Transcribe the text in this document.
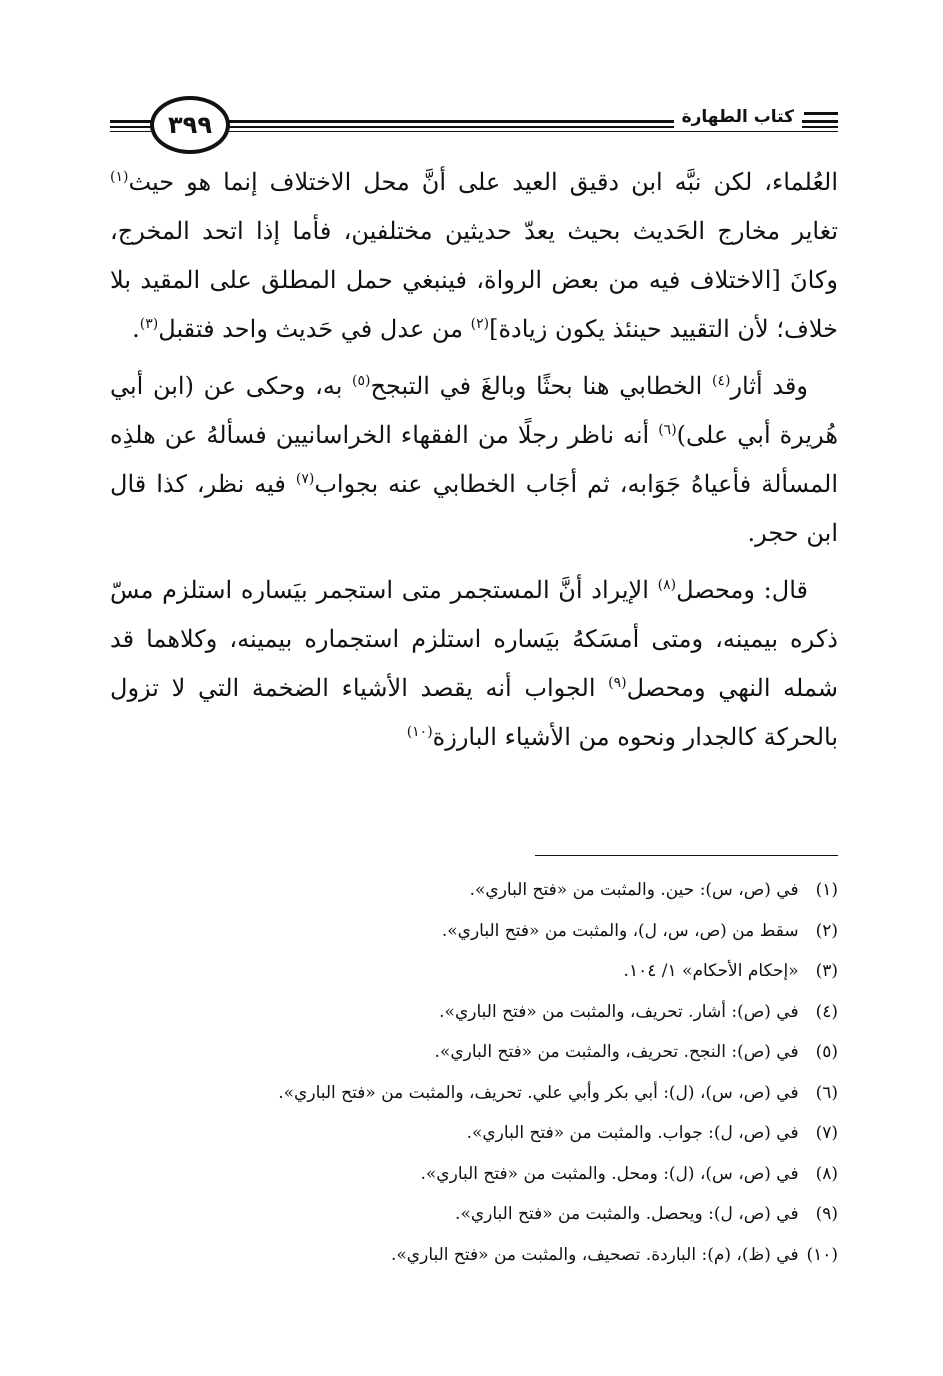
كتاب الطهارة
٣٩٩

العُلماء، لكن نبَّه ابن دقيق العيد على أنَّ محل الاختلاف إنما هو حيث$^{(١)}$ تغاير مخارج الحَديث بحيث يعدّ حديثين مختلفين، فأما إذا اتحد المخرج، وكانَ [الاختلاف فيه من بعض الرواة، فينبغي حمل المطلق على المقيد بلا خلاف؛ لأن التقييد حينئذ يكون زيادة]$^{(٢)}$ من عدل في حَديث واحد فتقبل$^{(٣)}$.

وقد أثار$^{(٤)}$ الخطابي هنا بحثًا وبالغَ في التبجح$^{(٥)}$ به، وحكى عن (ابن أبي هُريرة أبي على)$^{(٦)}$ أنه ناظر رجلًا من الفقهاء الخراسانيين فسألهُ عن هلذِه المسألة فأعياهُ جَوَابه، ثم أجَاب الخطابي عنه بجواب$^{(٧)}$ فيه نظر، كذا قال ابن حجر.

قال: ومحصل$^{(٨)}$ الإيراد أنَّ المستجمر متى استجمر بيَساره استلزم مسّ ذكره بيمينه، ومتى أمسَكهُ بيَساره استلزم استجماره بيمينه، وكلاهما قد شمله النهي ومحصل$^{(٩)}$ الجواب أنه يقصد الأشياء الضخمة التي لا تزول بالحركة كالجدار ونحوه من الأشياء البارزة$^{(١٠)}$

(١) في (ص، س): حين. والمثبت من «فتح الباري».
(٢) سقط من (ص، س، ل)، والمثبت من «فتح الباري».
(٣) «إحكام الأحكام» ١/ ١٠٤.
(٤) في (ص): أشار. تحريف، والمثبت من «فتح الباري».
(٥) في (ص): النجح. تحريف، والمثبت من «فتح الباري».
(٦) في (ص، س)، (ل): أبي بكر وأبي علي. تحريف، والمثبت من «فتح الباري».
(٧) في (ص، ل): جواب. والمثبت من «فتح الباري».
(٨) في (ص، س)، (ل): ومحل. والمثبت من «فتح الباري».
(٩) في (ص، ل): ويحصل. والمثبت من «فتح الباري».
(١٠) في (ظ)، (م): الباردة. تصحيف، والمثبت من «فتح الباري».
